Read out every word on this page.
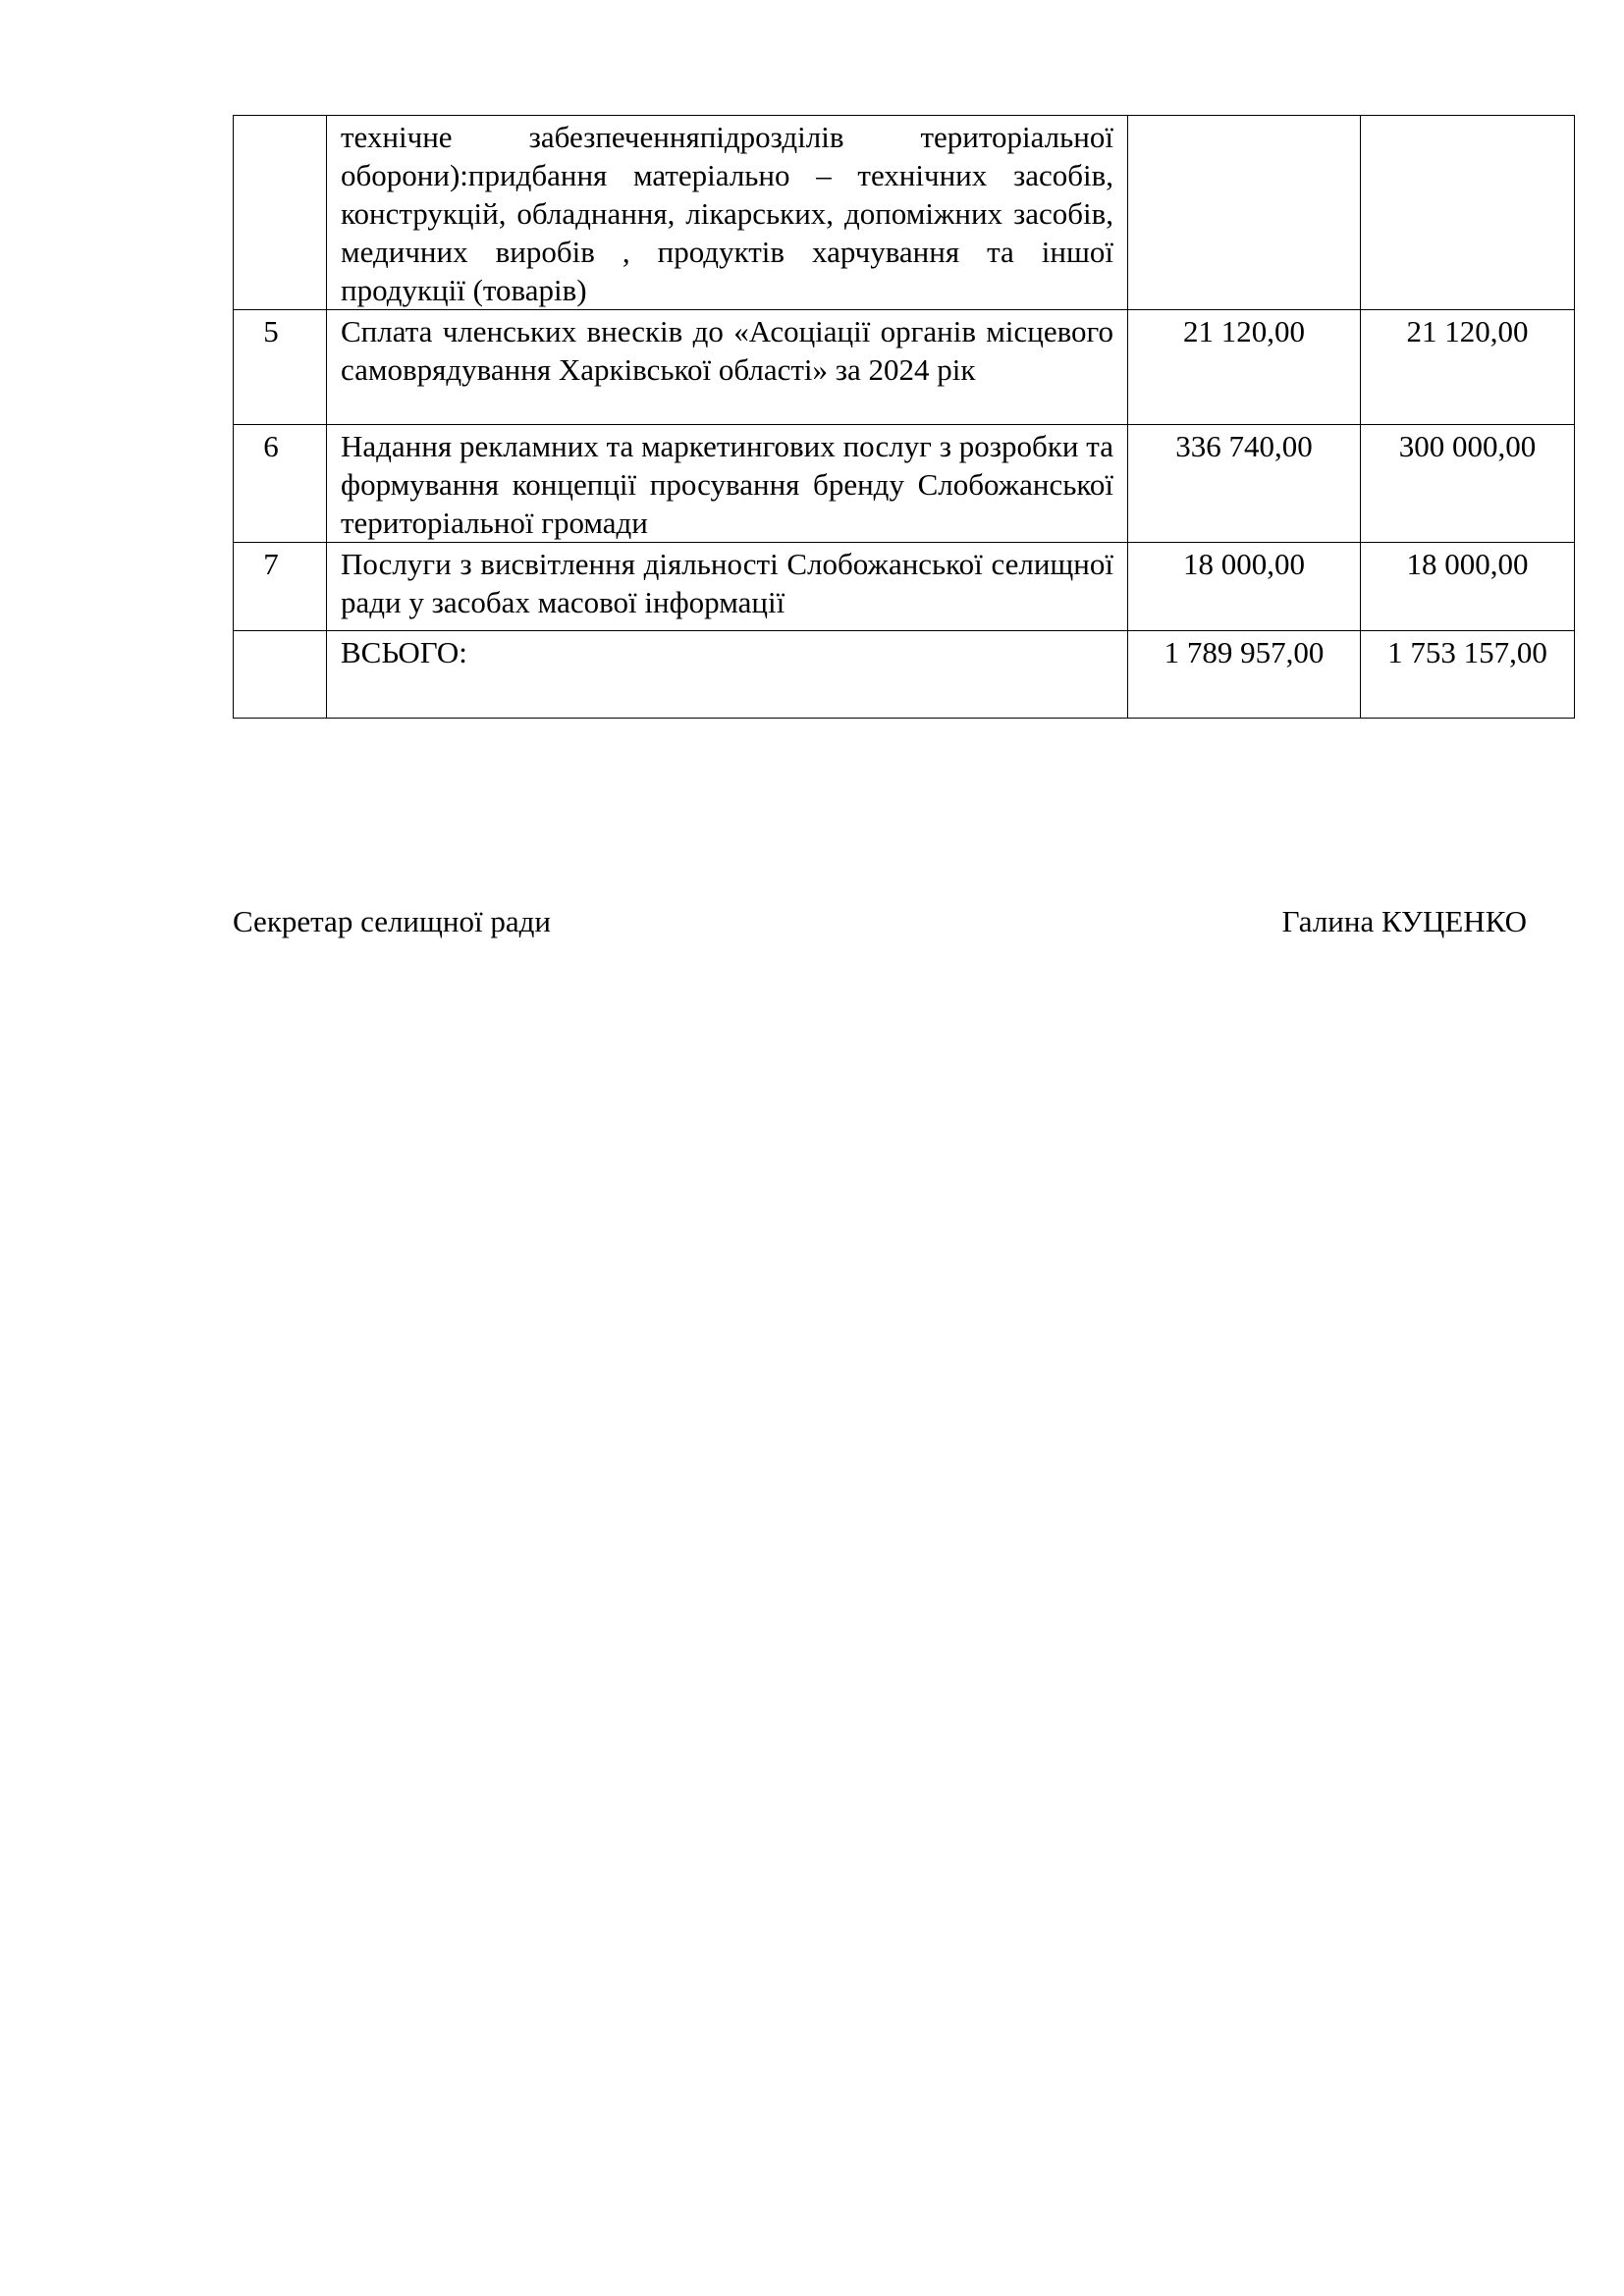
	технічне забезпеченняпідрозділів територіальної оборони):придбання матеріально – технічних засобів, конструкцій, обладнання, лікарських, допоміжних засобів, медичних виробів , продуктів харчування та іншої продукції (товарів)		

5	Сплата членських внесків до «Асоціації органів місцевого самоврядування Харківської області» за 2024 рік	21 120,00	21 120,00
6	Надання рекламних та маркетингових послуг з розробки та формування концепції просування бренду Слобожанської територіальної громади	336 740,00	300 000,00
7	Послуги з висвітлення діяльності Слобожанської селищної ради у засобах масової інформації	18 000,00	18 000,00

	ВСЬОГО:	1 789 957,00	1 753 157,00
Секретар селищної ради	Галина КУЦЕНКО
